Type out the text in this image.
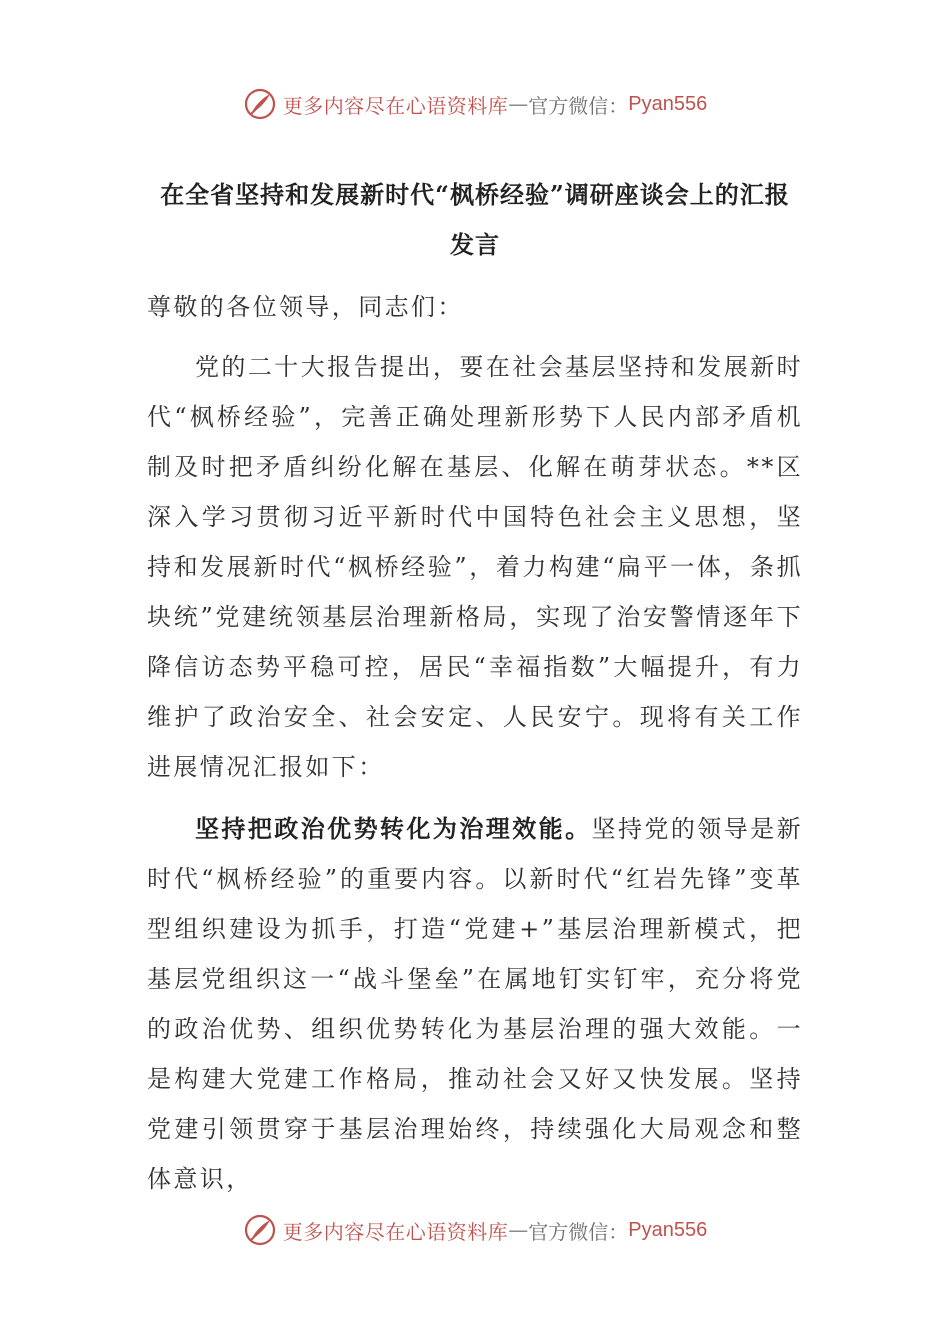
更多内容尽在心语资料库 — 官方微信： Pyan556
在全省坚持和发展新时代“枫桥经验”调研座谈会上的汇报发言

尊敬的各位领导，同志们：

党的二十大报告提出，要在社会基层坚持和发展新时代“枫桥经验”，完善正确处理新形势下人民内部矛盾机制及时把矛盾纠纷化解在基层、化解在萌芽状态。**区深入学习贯彻习近平新时代中国特色社会主义思想，坚持和发展新时代“枫桥经验”，着力构建“扁平一体，条抓块统”党建统领基层治理新格局，实现了治安警情逐年下降信访态势平稳可控，居民“幸福指数”大幅提升，有力维护了政治安全、社会安定、人民安宁。现将有关工作进展情况汇报如下：

坚持把政治优势转化为治理效能。坚持党的领导是新时代“枫桥经验”的重要内容。以新时代“红岩先锋”变革型组织建设为抓手，打造“党建+”基层治理新模式，把基层党组织这一“战斗堡垒”在属地钉实钉牢，充分将党的政治优势、组织优势转化为基层治理的强大效能。一是构建大党建工作格局，推动社会又好又快发展。坚持党建引领贯穿于基层治理始终，持续强化大局观念和整体意识，

更多内容尽在心语资料库 — 官方微信： Pyan556
